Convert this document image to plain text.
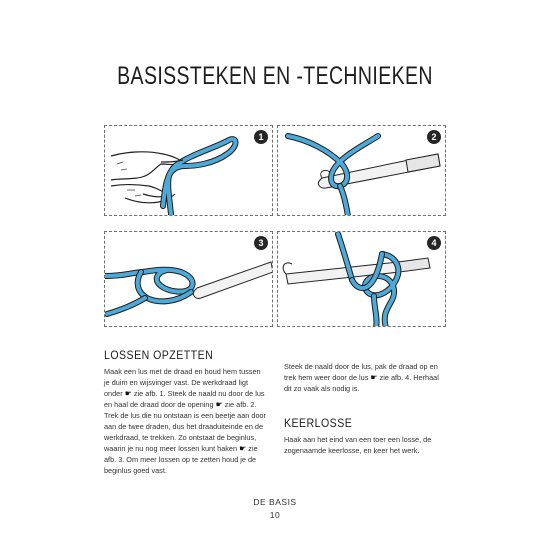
BASISSTEKEN EN -TECHNIEKEN
1	2
3	4
LOSSEN OPZETTEN

Maak een lus met de draad en houd hem tussen je duim en wijsvinger vast. De werkdraad ligt onder ☛ zie afb. 1. Steek de naald nu door de lus en haal de draad door de opening ☛ zie afb. 2. Trek de lus die nu ontstaan is een beetje aan door aan de twee draden, dus het draaduiteinde en de werkdraad, te trekken. Zo ontstaat de beginlus, waarin je nu nog meer lossen kunt haken ☛ zie afb. 3. Om meer lossen op te zetten houd je de beginlus goed vast.

Steek de naald door de lus, pak de draad op en trek hem weer door de lus ☛ zie afb. 4. Herhaal dit zo vaak als nodig is.

KEERLOSSE
Haak aan het eind van een toer een losse, de zogenaamde keerlosse, en keer het werk.
DE BASIS
10
